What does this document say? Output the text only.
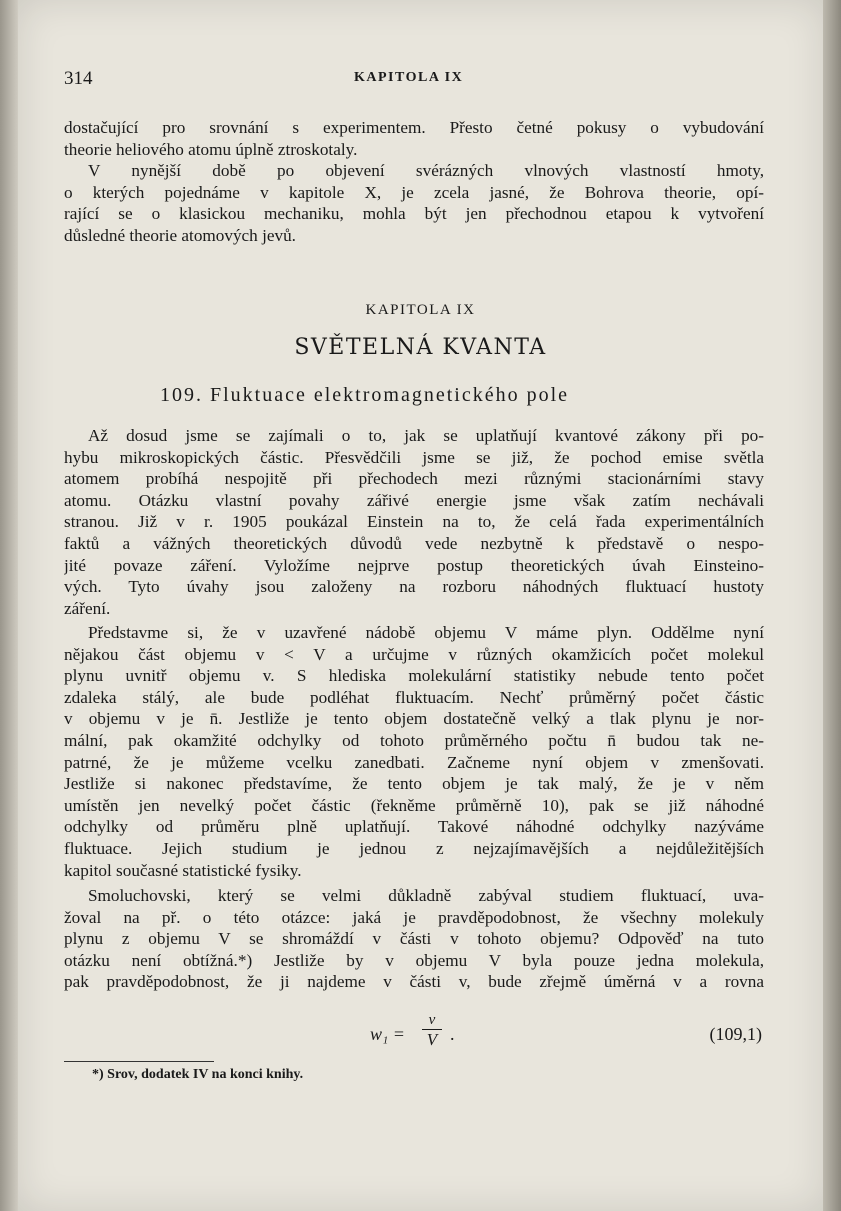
314	KAPITOLA IX
dostačující pro srovnání s experimentem. Přesto četné pokusy o vybudování
theorie heliového atomu úplně ztroskotaly.
V nynější době po objevení svérázných vlnových vlastností hmoty,
o kterých pojednáme v kapitole X, je zcela jasné, že Bohrova theorie, opí-
rající se o klasickou mechaniku, mohla být jen přechodnou etapou k vytvoření
důsledné theorie atomových jevů.
KAPITOLA IX
SVĚTELNÁ KVANTA
109. Fluktuace elektromagnetického pole
Až dosud jsme se zajímali o to, jak se uplatňují kvantové zákony při po-
hybu mikroskopických částic. Přesvědčili jsme se již, že pochod emise světla
atomem probíhá nespojitě při přechodech mezi různými stacionárními stavy
atomu. Otázku vlastní povahy zářivé energie jsme však zatím nechávali
stranou. Již v r. 1905 poukázal Einstein na to, že celá řada experimentálních
faktů a vážných theoretických důvodů vede nezbytně k představě o nespo-
jité povaze záření. Vyložíme nejprve postup theoretických úvah Einsteino-
vých. Tyto úvahy jsou založeny na rozboru náhodných fluktuací hustoty
záření.
Představme si, že v uzavřené nádobě objemu V máme plyn. Oddělme nyní
nějakou část objemu v < V a určujme v různých okamžicích počet molekul
plynu uvnitř objemu v. S hlediska molekulární statistiky nebude tento počet
zdaleka stálý, ale bude podléhat fluktuacím. Nechť průměrný počet částic
v objemu v je n̄. Jestliže je tento objem dostatečně velký a tlak plynu je nor-
mální, pak okamžité odchylky od tohoto průměrného počtu n̄ budou tak ne-
patrné, že je můžeme vcelku zanedbati. Začneme nyní objem v zmenšovati.
Jestliže si nakonec představíme, že tento objem je tak malý, že je v něm
umístěn jen nevelký počet částic (řekněme průměrně 10), pak se již náhodné
odchylky od průměru plně uplatňují. Takové náhodné odchylky nazýváme
fluktuace. Jejich studium je jednou z nejzajímavějších a nejdůležitějších
kapitol současné statistické fysiky.
Smoluchovski, který se velmi důkladně zabýval studiem fluktuací, uva-
žoval na př. o této otázce: jaká je pravděpodobnost, že všechny molekuly
plynu z objemu V se shromáždí v části v tohoto objemu? Odpověď na tuto
otázku není obtížná.*) Jestliže by v objemu V byla pouze jedna molekula,
pak pravděpodobnost, že ji najdeme v části v, bude zřejmě úměrná v a rovna
w₁ =
v
V .	(109,1)
*) Srov, dodatek IV na konci knihy.
